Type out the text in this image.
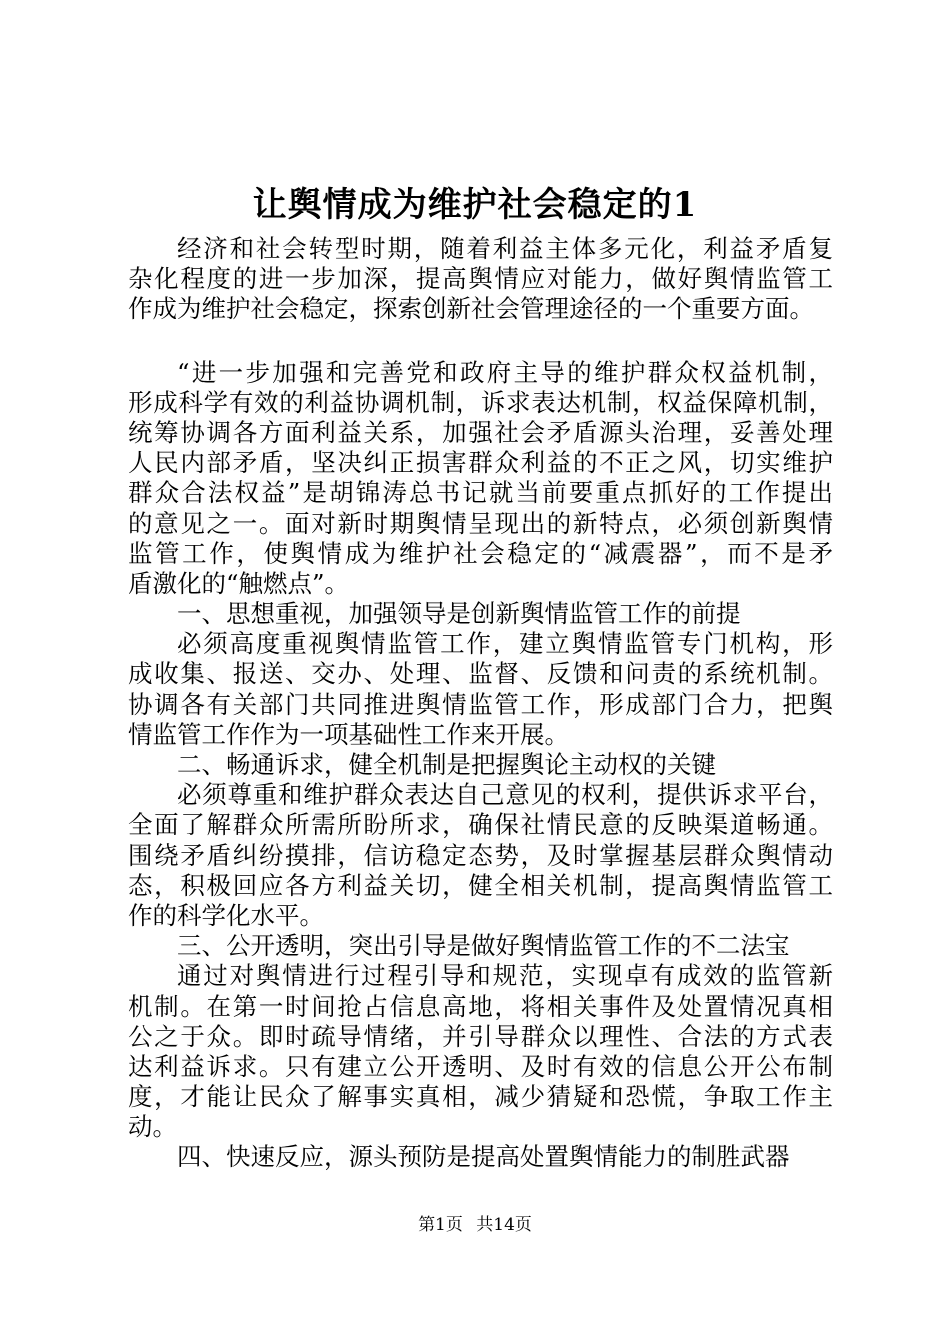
让舆情成为维护社会稳定的1
经济和社会转型时期，随着利益主体多元化，利益矛盾复
杂化程度的进一步加深，提高舆情应对能力，做好舆情监管工
作成为维护社会稳定，探索创新社会管理途径的一个重要方面。
“进一步加强和完善党和政府主导的维护群众权益机制，
形成科学有效的利益协调机制，诉求表达机制，权益保障机制，
统筹协调各方面利益关系，加强社会矛盾源头治理，妥善处理
人民内部矛盾，坚决纠正损害群众利益的不正之风，切实维护
群众合法权益”是胡锦涛总书记就当前要重点抓好的工作提出
的意见之一。面对新时期舆情呈现出的新特点，必须创新舆情
监管工作，使舆情成为维护社会稳定的“减震器”，而不是矛
盾激化的“触燃点”。
一、思想重视，加强领导是创新舆情监管工作的前提
必须高度重视舆情监管工作，建立舆情监管专门机构，形
成收集、报送、交办、处理、监督、反馈和问责的系统机制。
协调各有关部门共同推进舆情监管工作，形成部门合力，把舆
情监管工作作为一项基础性工作来开展。
二、畅通诉求，健全机制是把握舆论主动权的关键
必须尊重和维护群众表达自己意见的权利，提供诉求平台，
全面了解群众所需所盼所求，确保社情民意的反映渠道畅通。
围绕矛盾纠纷摸排，信访稳定态势，及时掌握基层群众舆情动
态，积极回应各方利益关切，健全相关机制，提高舆情监管工
作的科学化水平。
三、公开透明，突出引导是做好舆情监管工作的不二法宝
通过对舆情进行过程引导和规范，实现卓有成效的监管新
机制。在第一时间抢占信息高地，将相关事件及处置情况真相
公之于众。即时疏导情绪，并引导群众以理性、合法的方式表
达利益诉求。只有建立公开透明、及时有效的信息公开公布制
度，才能让民众了解事实真相，减少猜疑和恐慌，争取工作主
动。
四、快速反应，源头预防是提高处置舆情能力的制胜武器
第1页 共14页
